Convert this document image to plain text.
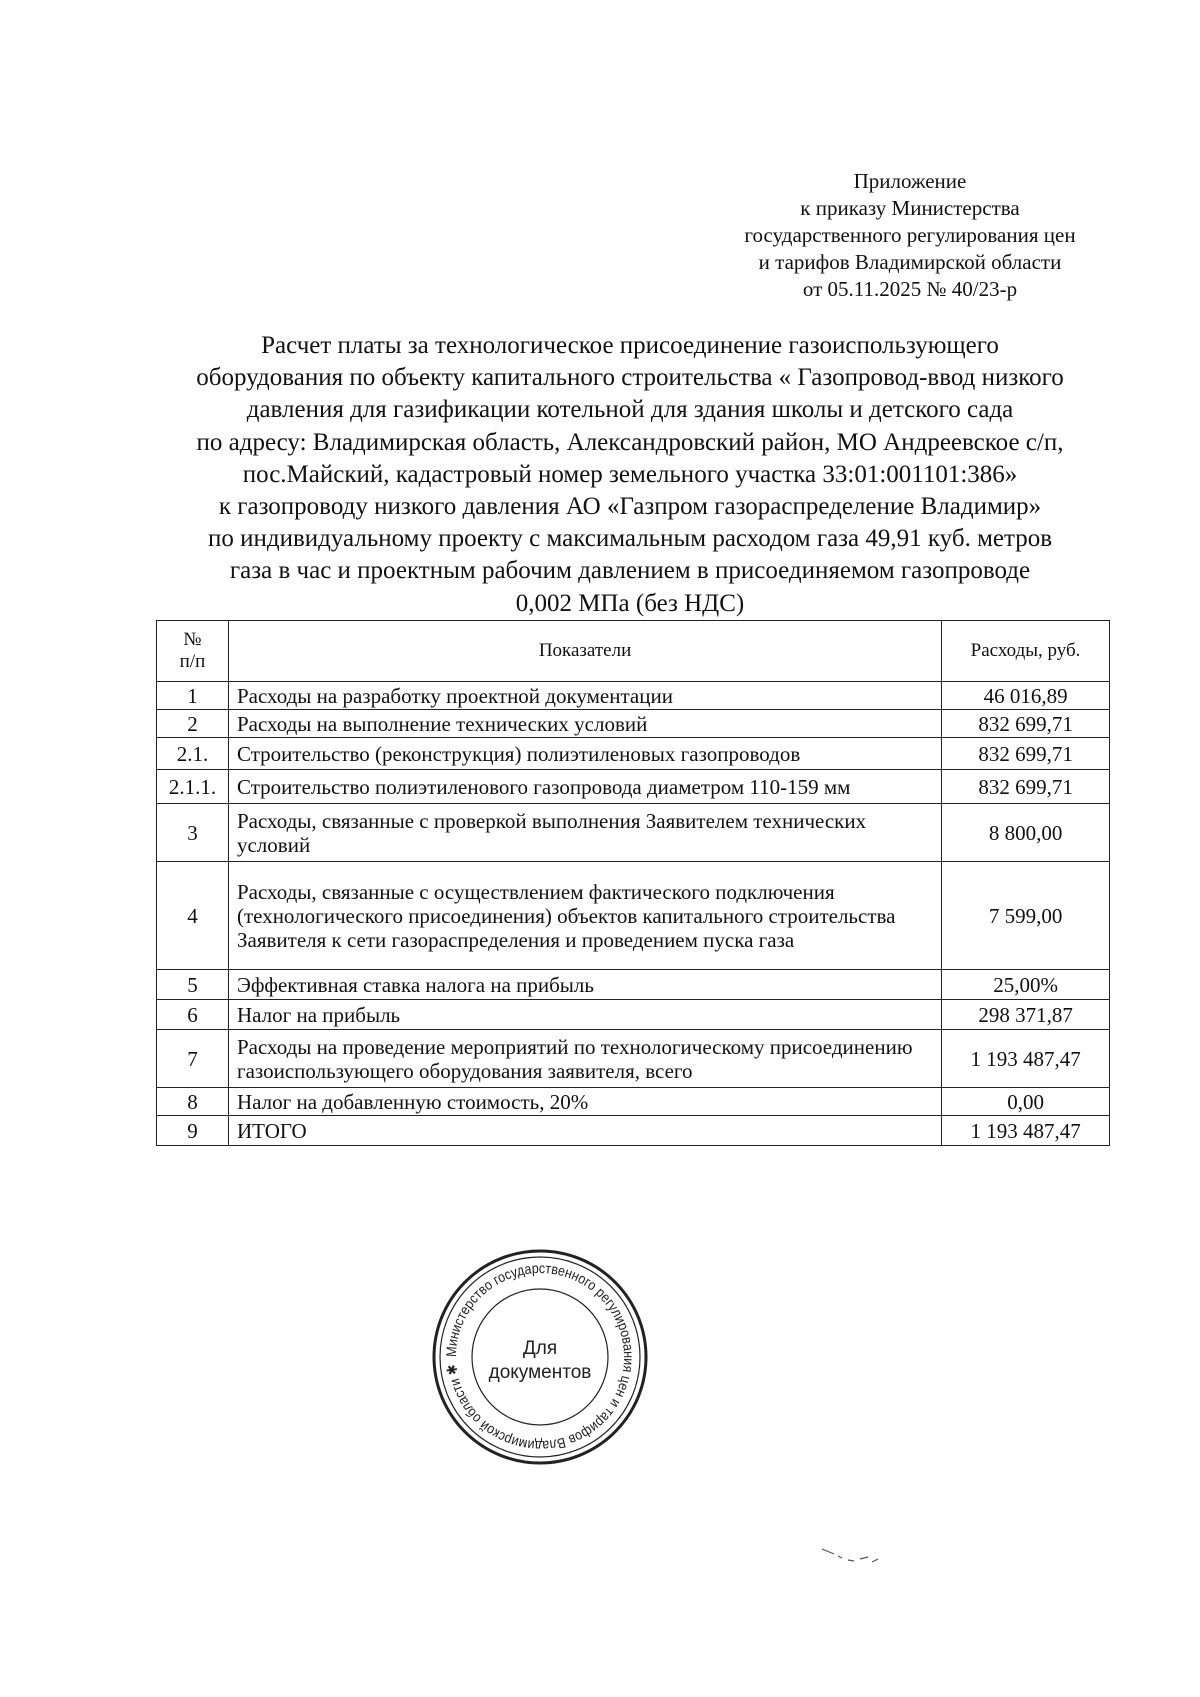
Приложение
к приказу Министерства
государственного регулирования цен
и тарифов Владимирской области
от 05.11.2025 № 40/23-р
Расчет платы за технологическое присоединение газоиспользующего
оборудования по объекту капитального строительства « Газопровод-ввод низкого
давления для газификации котельной для здания школы и детского сада
по адресу: Владимирская область, Александровский район, МО Андреевское с/п,
пос.Майский, кадастровый номер земельного участка 33:01:001101:386»
к газопроводу низкого давления АО «Газпром газораспределение Владимир»
по индивидуальному проекту с максимальным расходом газа 49,91 куб. метров
газа в час и проектным рабочим давлением в присоединяемом газопроводе
0,002 МПа (без НДС)
№
п/п	Показатели	Расходы, руб.
1	Расходы на разработку проектной документации	46 016,89
2	Расходы на выполнение технических условий	832 699,71
2.1.	Строительство (реконструкция) полиэтиленовых газопроводов	832 699,71
2.1.1.	Строительство полиэтиленового газопровода диаметром 110-159 мм	832 699,71
3	Расходы, связанные с проверкой выполнения Заявителем технических условий	8 800,00
4	Расходы, связанные с осуществлением фактического подключения (технологического присоединения) объектов капитального строительства Заявителя к сети газораспределения и проведением пуска газа	7 599,00
5	Эффективная ставка налога на прибыль	25,00%
6	Налог на прибыль	298 371,87
7	Расходы на проведение мероприятий по технологическому присоединению газоиспользующего оборудования заявителя, всего	1 193 487,47
8	Налог на добавленную стоимость, 20%	0,00
9	ИТОГО	1 193 487,47
Министерство государственного регулирования цен и тарифов Владимирской области ✱
Для
документов
